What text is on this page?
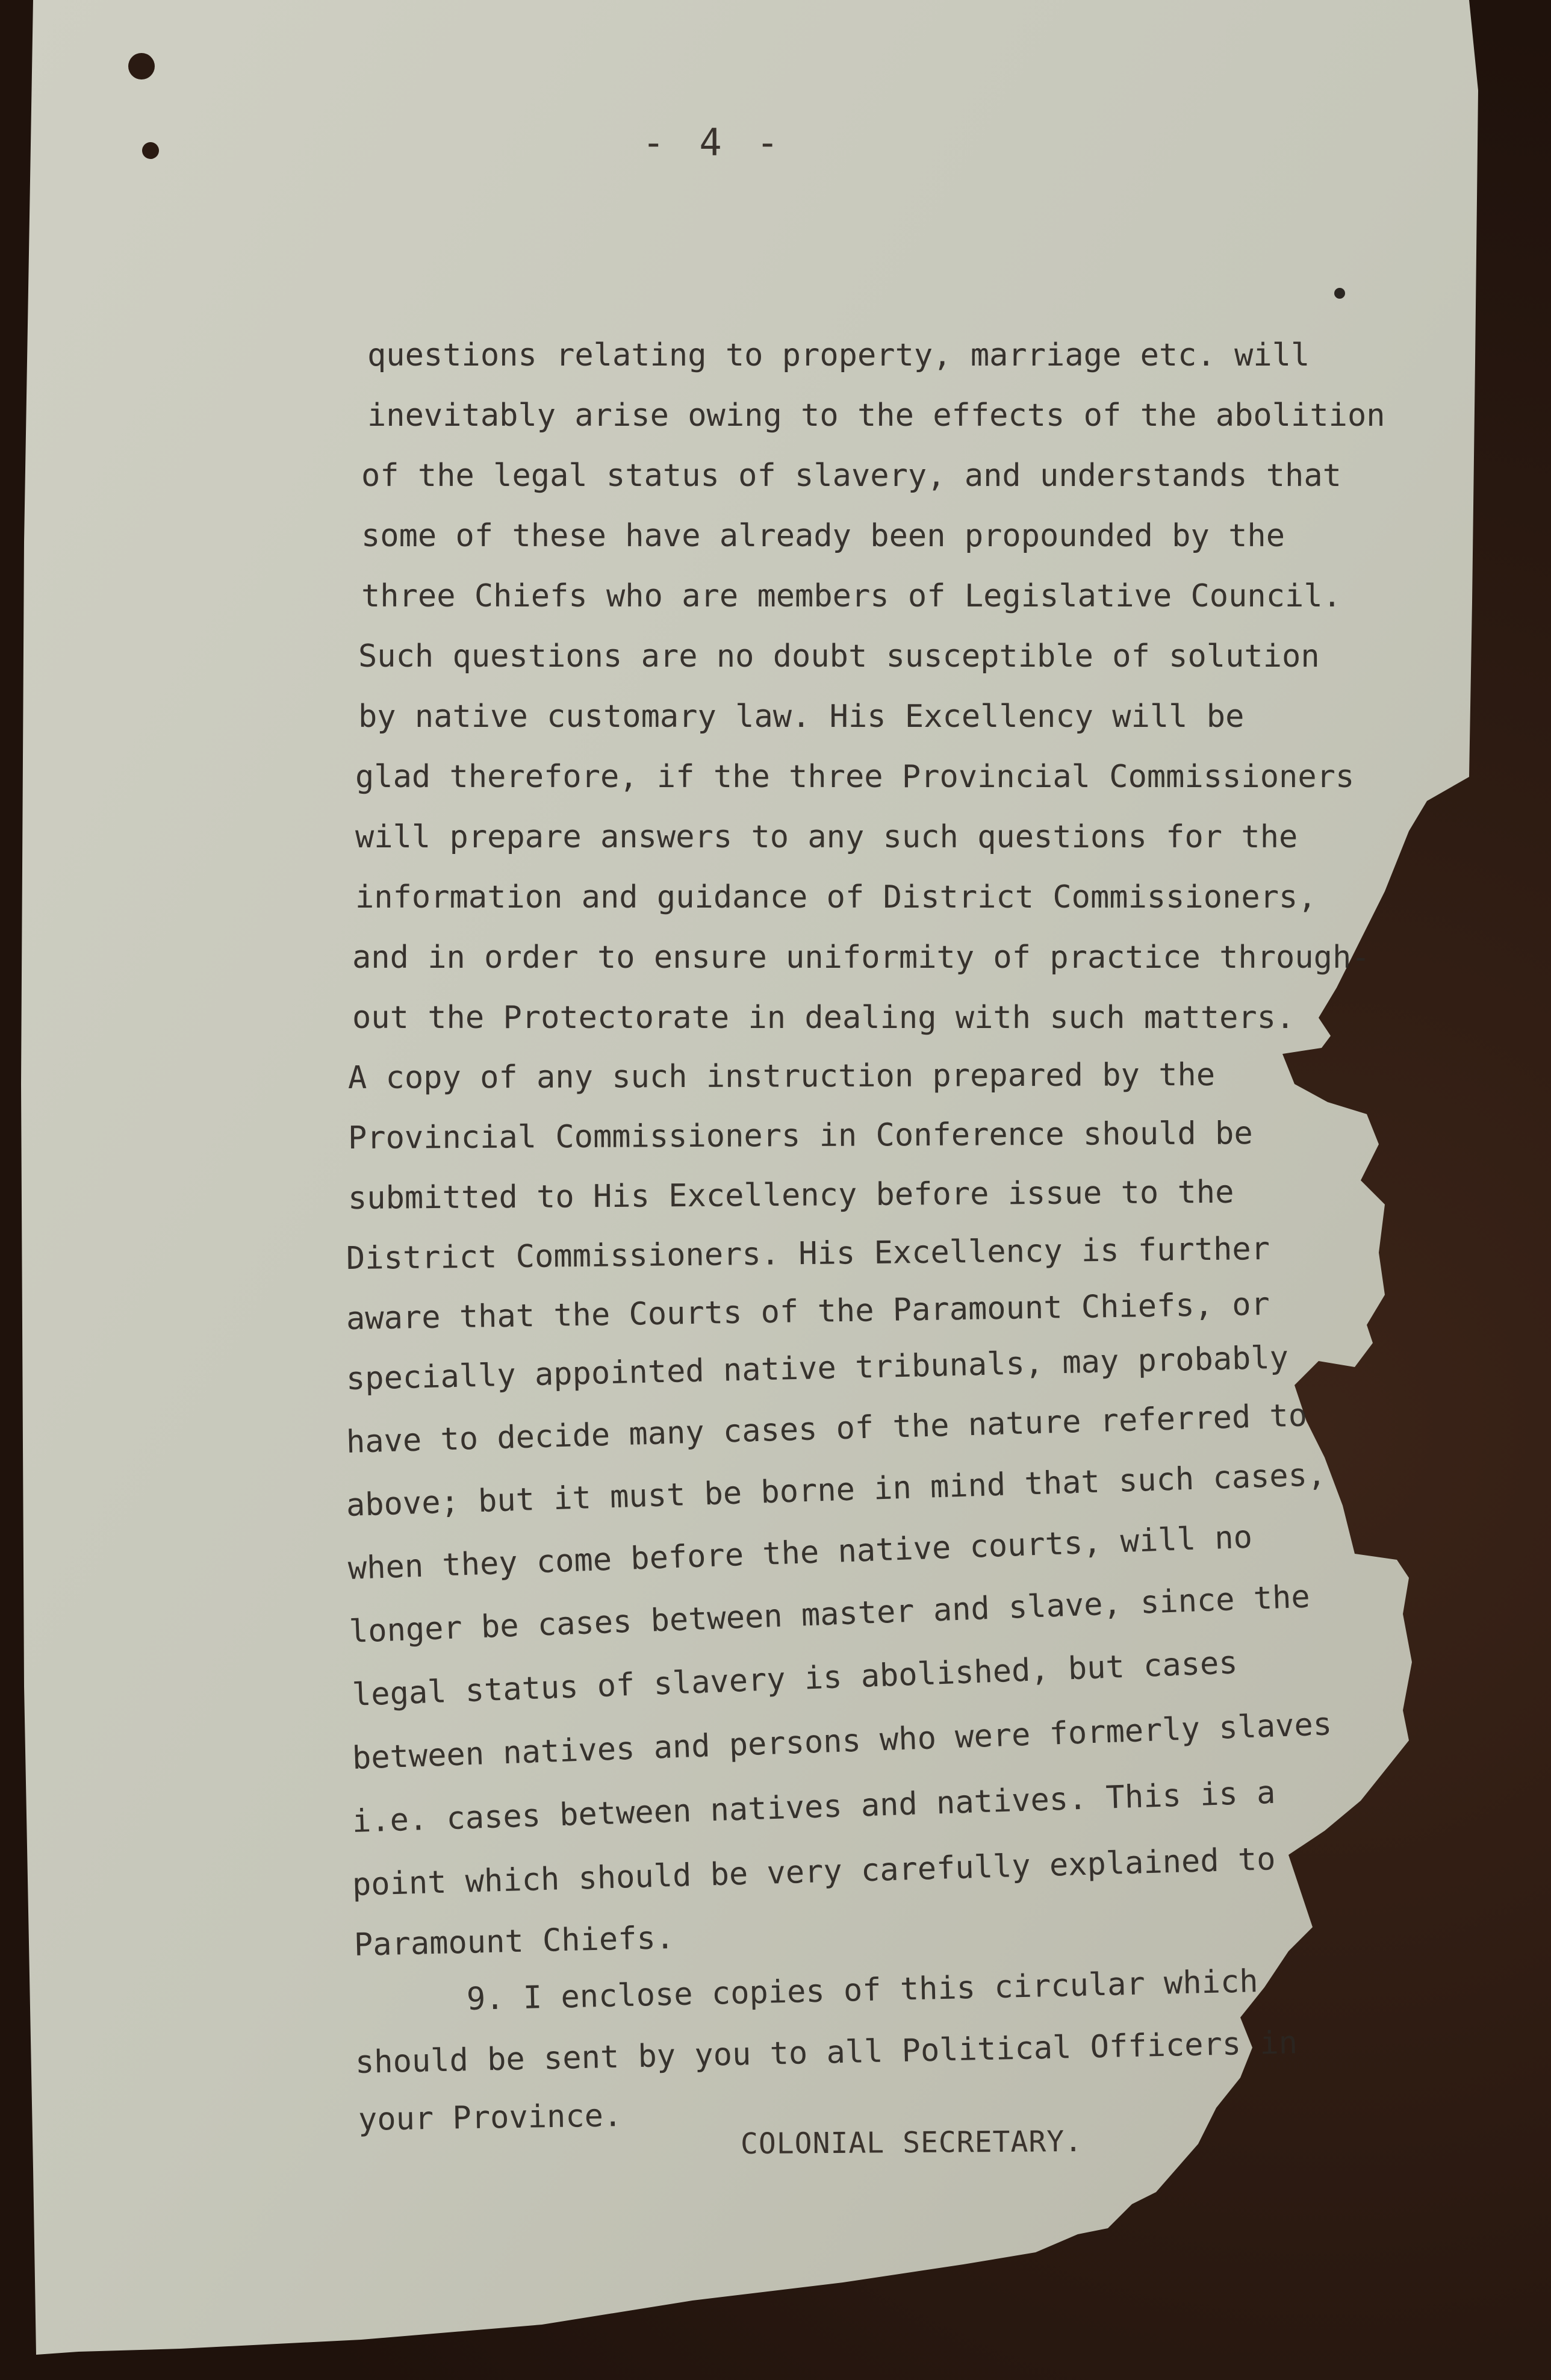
- 4 -
questions relating to property, marriage etc. will
inevitably arise owing to the effects of the abolition
of the legal status of slavery, and understands that
some of these have already been propounded by the
three Chiefs who are members of Legislative Council.
Such questions are no doubt susceptible of solution
by native customary law. His Excellency will be
glad therefore, if the three Provincial Commissioners
will prepare answers to any such questions for the
information and guidance of District Commissioners,
and in order to ensure uniformity of practice through-
out the Protectorate in dealing with such matters.
A copy of any such instruction prepared by the
Provincial Commissioners in Conference should be
submitted to His Excellency before issue to the
District Commissioners. His Excellency is further
aware that the Courts of the Paramount Chiefs, or
specially appointed native tribunals, may probably
have to decide many cases of the nature referred to
above; but it must be borne in mind that such cases,
when they come before the native courts, will no
longer be cases between master and slave, since the
legal status of slavery is abolished, but cases
between natives and persons who were formerly slaves
i.e. cases between natives and natives. This is a
point which should be very carefully explained to
Paramount Chiefs.
9. I enclose copies of this circular which
should be sent by you to all Political Officers in
your Province.
COLONIAL SECRETARY.
